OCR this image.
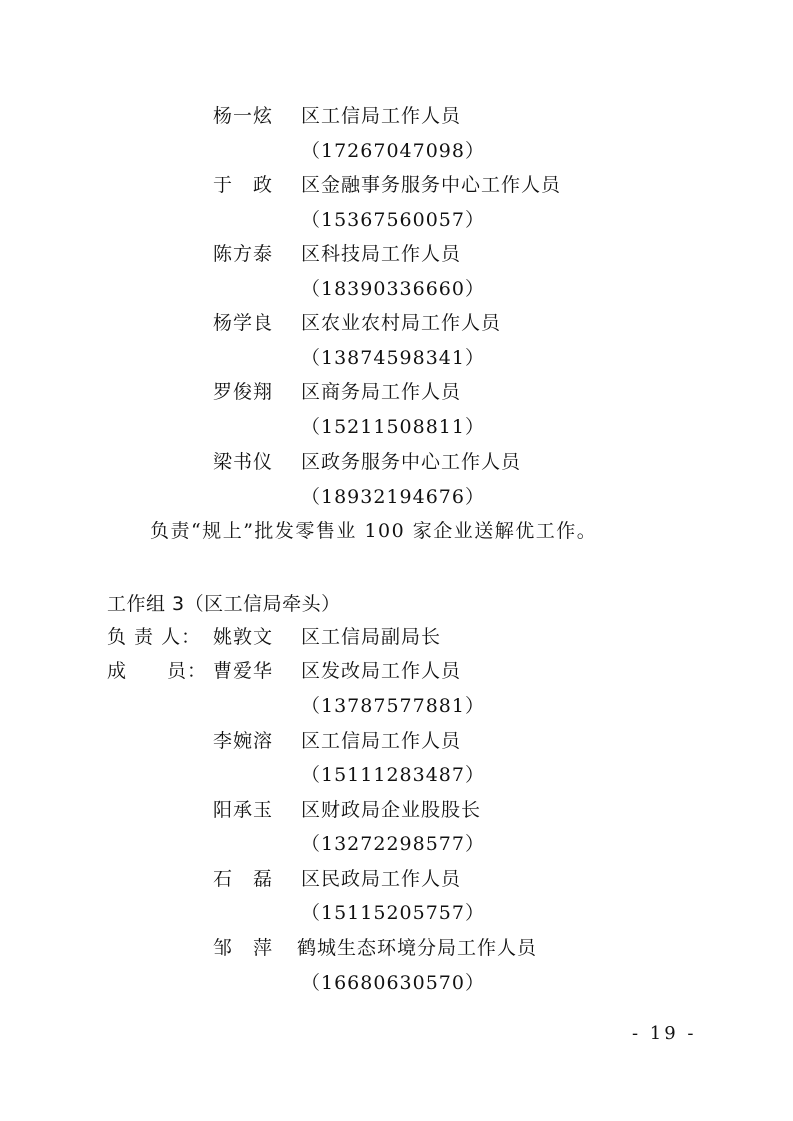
杨一炫 区工信局工作人员
（17267047098）
于　政 区金融事务服务中心工作人员
（15367560057）
陈方泰 区科技局工作人员
（18390336660）
杨学良 区农业农村局工作人员
（13874598341）
罗俊翔 区商务局工作人员
（15211508811）
梁书仪 区政务服务中心工作人员
（18932194676）
负责“规上”批发零售业 100 家企业送解优工作。
工作组 3（区工信局牵头）
负 责 人： 姚敦文 区工信局副局长
成　　员： 曹爱华 区发改局工作人员
（13787577881）
李婉溶 区工信局工作人员
（15111283487）
阳承玉 区财政局企业股股长
（13272298577）
石　磊 区民政局工作人员
（15115205757）
邹　萍 鹤城生态环境分局工作人员
（16680630570）
- 19 -
